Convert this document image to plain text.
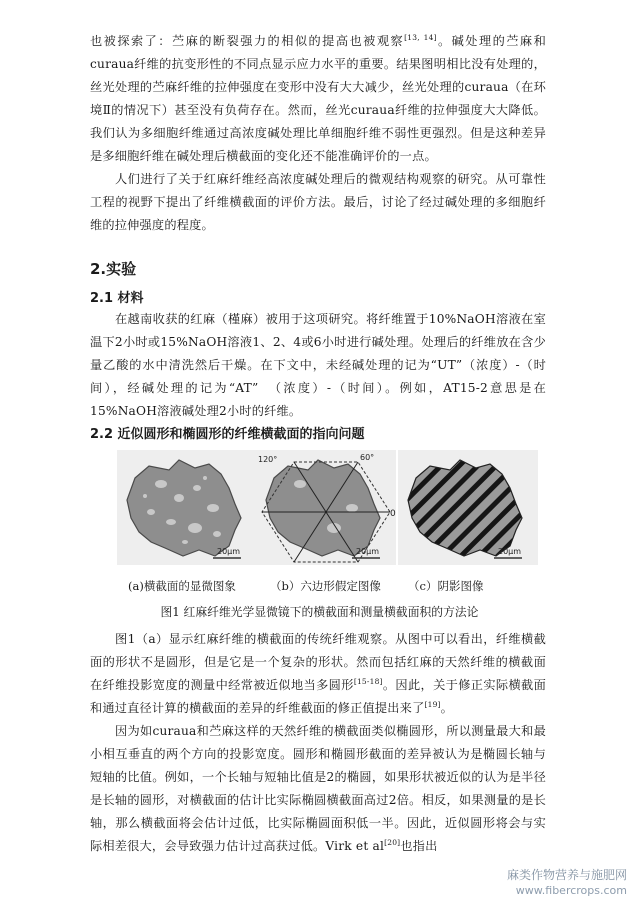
也被探索了：苎麻的断裂强力的相似的提高也被观察[13, 14]。碱处理的苎麻和curaua纤维的抗变形性的不同点显示应力水平的重要。结果图明相比没有处理的，丝光处理的苎麻纤维的拉伸强度在变形中没有大大减少，丝光处理的curaua（在环境Ⅱ的情况下）甚至没有负荷存在。然而，丝光curaua纤维的拉伸强度大大降低。我们认为多细胞纤维通过高浓度碱处理比单细胞纤维不弱性更强烈。但是这种差异是多细胞纤维在碱处理后横截面的变化还不能准确评价的一点。

人们进行了关于红麻纤维经高浓度碱处理后的微观结构观察的研究。从可靠性工程的视野下提出了纤维横截面的评价方法。最后，讨论了经过碱处理的多细胞纤维的拉伸强度的程度。

2.实验
2.1 材料

在越南收获的红麻（槿麻）被用于这项研究。将纤维置于10%NaOH溶液在室温下2小时或15%NaOH溶液1、2、4或6小时进行碱处理。处理后的纤维放在含少量乙酸的水中清洗然后干燥。在下文中，未经碱处理的记为“UT”（浓度）-（时间），经碱处理的记为“AT”　（浓度）-（时间）。例如，AT15-2意思是在15%NaOH溶液碱处理2小时的纤维。

2.2 近似圆形和椭圆形的纤维横截面的指向问题
20μm
120°	60°
0
20μm	20μm
(a)横截面的显微图象	（b）六边形假定图像 （c）阴影图像
图1 红麻纤维光学显微镜下的横截面和测量横截面积的方法论

图1（a）显示红麻纤维的横截面的传统纤维观察。从图中可以看出，纤维横截面的形状不是圆形，但是它是一个复杂的形状。然而包括红麻的天然纤维的横截面在纤维投影宽度的测量中经常被近似地当多圆形[15-18]。因此，关于修正实际横截面和通过直径计算的横截面的差异的纤维截面的修正值提出来了[19]。

因为如curaua和苎麻这样的天然纤维的横截面类似椭圆形，所以测量最大和最小相互垂直的两个方向的投影宽度。圆形和椭圆形截面的差异被认为是椭圆长轴与短轴的比值。例如，一个长轴与短轴比值是2的椭圆，如果形状被近似的认为是半径是长轴的圆形，对横截面的估计比实际椭圆横截面高过2倍。相反，如果测量的是长轴，那么横截面将会估计过低，比实际椭圆面积低一半。因此，近似圆形将会与实际相差很大，会导致强力估计过高获过低。Virk et al[20]也指出

麻类作物营养与施肥网
www.fibercrops.com
